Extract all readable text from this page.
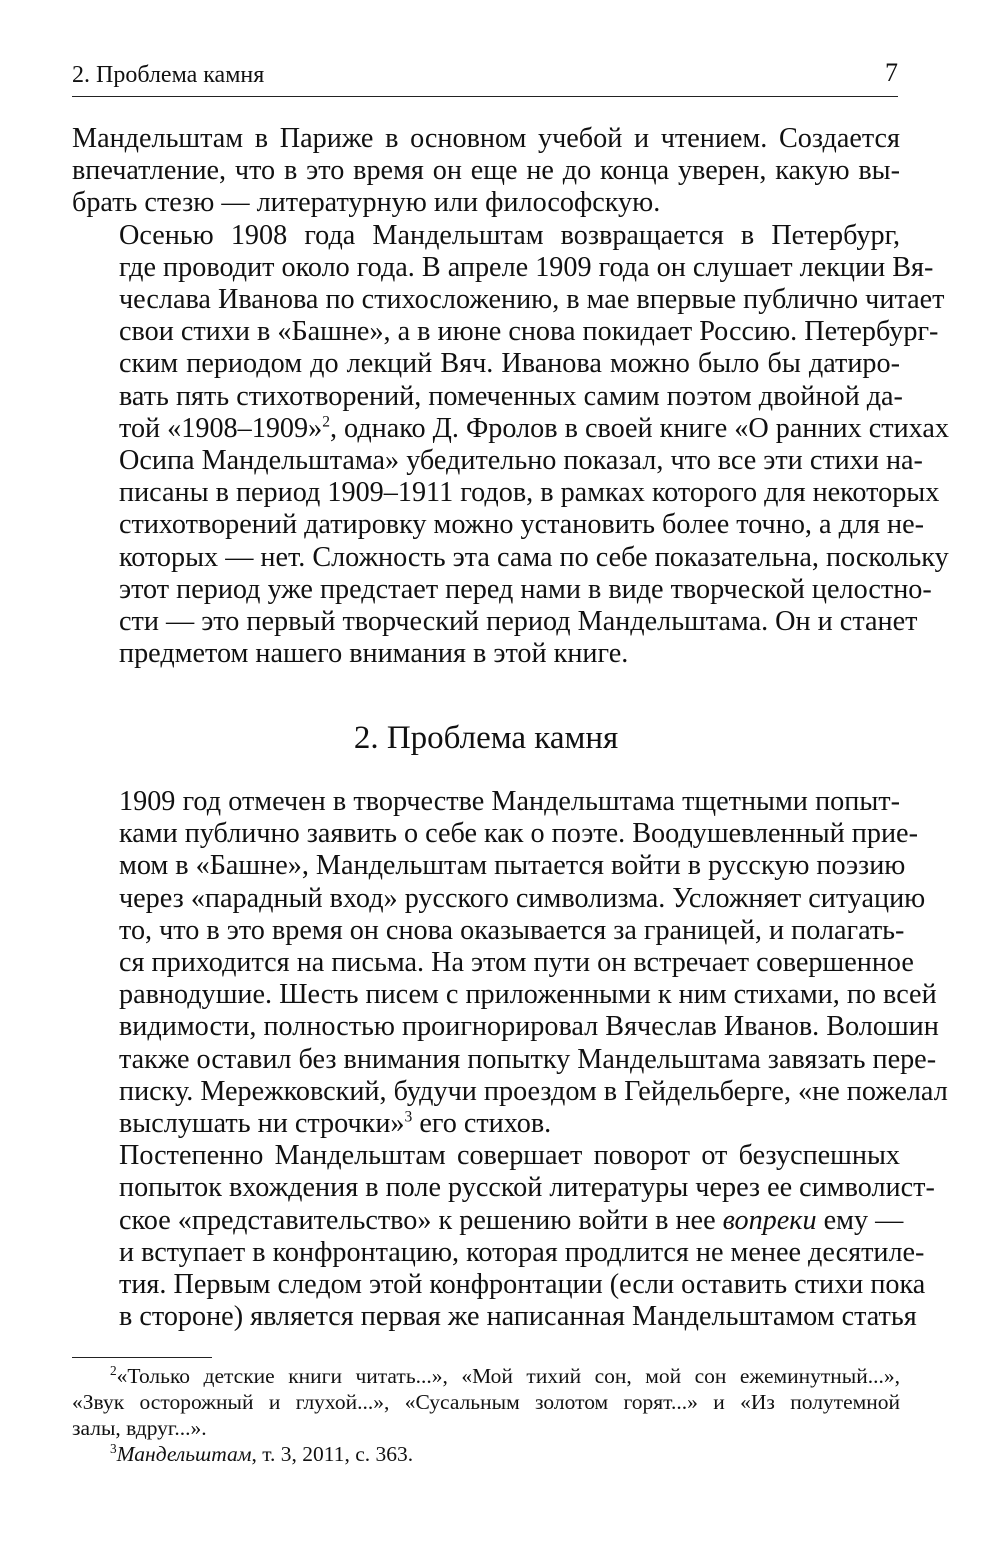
2. Проблема камня	7

Мандельштам в Париже в основном учебой и чтением. Создается
впечатление, что в это время он еще не до конца уверен, какую вы-
брать стезю — литературную или философскую.

Осенью 1908 года Мандельштам возвращается в Петербург,
где проводит около года. В апреле 1909 года он слушает лекции Вя-
чеслава Иванова по стихосложению, в мае впервые публично читает
свои стихи в «Башне», а в июне снова покидает Россию. Петербург-
ским периодом до лекций Вяч. Иванова можно было бы датиро-
вать пять стихотворений, помеченных самим поэтом двойной да-
той «1908–1909»$^2$, однако Д. Фролов в своей книге «О ранних стихах
Осипа Мандельштама» убедительно показал, что все эти стихи на-
писаны в период 1909–1911 годов, в рамках которого для некоторых
стихотворений датировку можно установить более точно, а для не-
которых — нет. Сложность эта сама по себе показательна, поскольку
этот период уже предстает перед нами в виде творческой целостно-
сти — это первый творческий период Мандельштама. Он и станет
предметом нашего внимания в этой книге.

2. Проблема камня

1909 год отмечен в творчестве Мандельштама тщетными попыт-
ками публично заявить о себе как о поэте. Воодушевленный прие-
мом в «Башне», Мандельштам пытается войти в русскую поэзию
через «парадный вход» русского символизма. Усложняет ситуацию
то, что в это время он снова оказывается за границей, и полагать-
ся приходится на письма. На этом пути он встречает совершенное
равнодушие. Шесть писем с приложенными к ним стихами, по всей
видимости, полностью проигнорировал Вячеслав Иванов. Волошин
также оставил без внимания попытку Мандельштама завязать пере-
писку. Мережковский, будучи проездом в Гейдельберге, «не пожелал
выслушать ни строчки»$^3$ его стихов.

Постепенно Мандельштам совершает поворот от безуспешных
попыток вхождения в поле русской литературы через ее символист-
ское «представительство» к решению войти в нее вопреки ему —
и вступает в конфронтацию, которая продлится не менее десятиле-
тия. Первым следом этой конфронтации (если оставить стихи пока
в стороне) является первая же написанная Мандельштамом статья

$^2$«Только детские книги читать...», «Мой тихий сон, мой сон ежеминутный...»,
«Звук осторожный и глухой...», «Сусальным золотом горят...» и «Из полутемной
залы, вдруг...».

$^3$Мандельштам, т. 3, 2011, с. 363.
